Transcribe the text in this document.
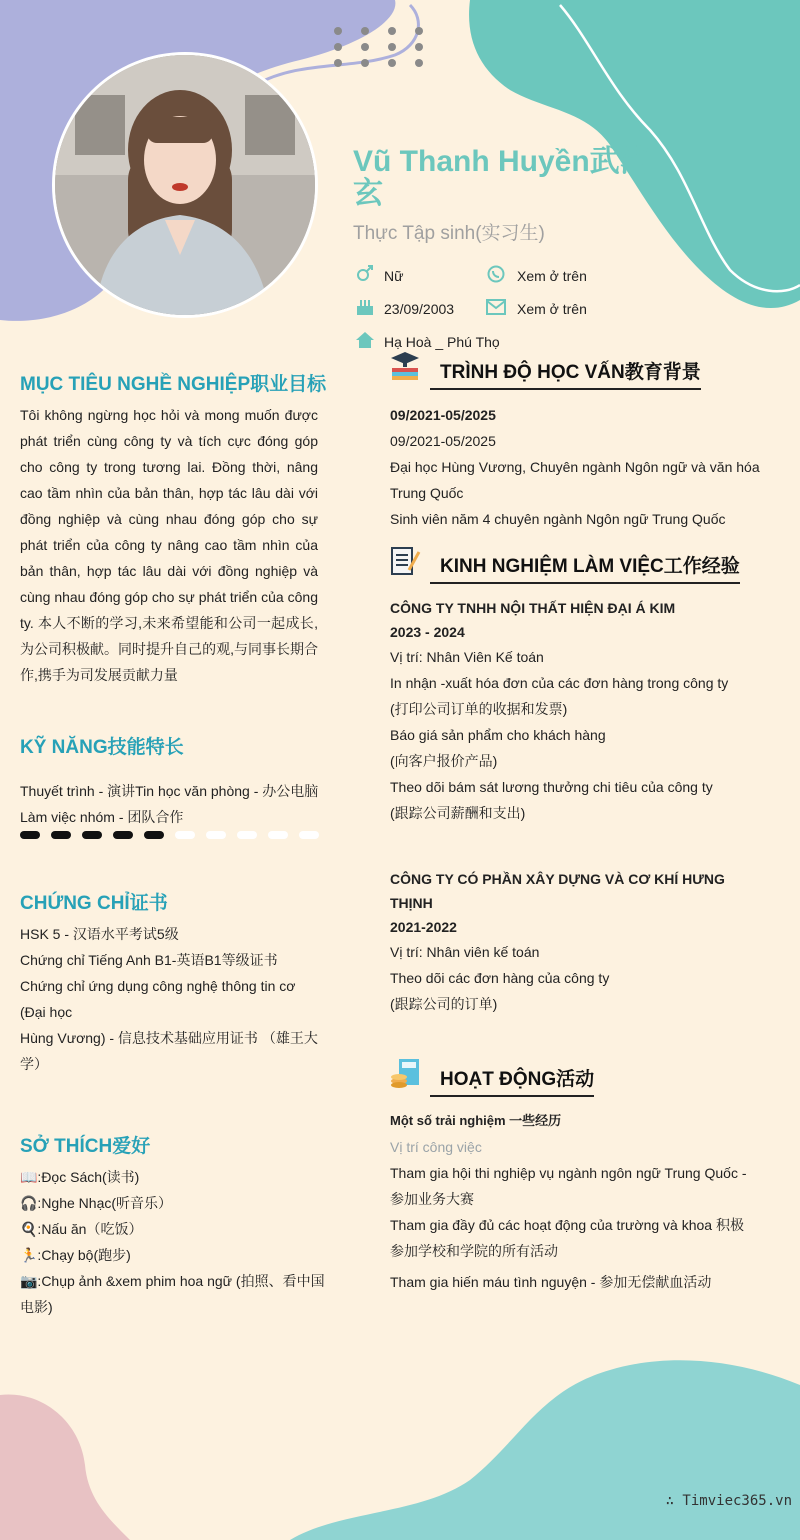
Vũ Thanh Huyền武清玄
Thực Tập sinh(实习生)
Nữ	Xem ở trên
23/09/2003	Xem ở trên
Hạ Hoà _ Phú Thọ
MỤC TIÊU NGHỀ NGHIỆP职业目标
Tôi không ngừng học hỏi và mong muốn được phát triển cùng công ty và tích cực đóng góp cho công ty trong tương lai. Đồng thời, nâng cao tầm nhìn của bản thân, hợp tác lâu dài với đồng nghiệp và cùng nhau đóng góp cho sự phát triển của công ty nâng cao tầm nhìn của bản thân, hợp tác lâu dài với đồng nghiệp và cùng nhau đóng góp cho sự phát triển của công ty. 本人不断的学习,未来希望能和公司一起成长,为公司积极献。同时提升自己的观,与同事长期合作,携手为司发展贡献力量
KỸ NĂNG技能特长
Thuyết trình - 演讲Tin học văn phòng - 办公电脑Làm việc nhóm - 团队合作
CHỨNG CHỈ证书
HSK 5 - 汉语水平考试5级
Chứng chỉ Tiếng Anh B1-英语B1等级证书
Chứng chỉ ứng dụng công nghệ thông tin cơ (Đại học
Hùng Vương) - 信息技术基础应用证书 （雄王大学）
SỞ THÍCH爱好
📖:Đọc Sách(读书)
🎧:Nghe Nhạc(听音乐）
🍳:Nấu ăn（吃饭）
🏃:Chạy bộ(跑步)
📷:Chụp ảnh &xem phim hoa ngữ (拍照、看中国电影)
TRÌNH ĐỘ HỌC VẤN教育背景
09/2021-05/2025
09/2021-05/2025
Đại học Hùng Vương, Chuyên ngành Ngôn ngữ và văn hóa Trung Quốc
Sinh viên năm 4 chuyên ngành Ngôn ngữ Trung Quốc
KINH NGHIỆM LÀM VIỆC工作经验
CÔNG TY TNHH NỘI THẤT HIỆN ĐẠI Á KIM
2023 - 2024
Vị trí: Nhân Viên Kế toán
In nhận -xuất hóa đơn của các đơn hàng trong công ty
(打印公司订单的收据和发票)
Báo giá sản phẩm cho khách hàng
(向客户报价产品)
Theo dõi bám sát lương thưởng chi tiêu của công ty
(跟踪公司薪酬和支出)
CÔNG TY CÓ PHẦN XÂY DỰNG VÀ CƠ KHÍ HƯNG THỊNH
2021-2022
Vị trí: Nhân viên kế toán
Theo dõi các đơn hàng của công ty
(跟踪公司的订单)
HOẠT ĐỘNG活动
Một số trải nghiệm 一些经历
Vị trí công việc
Tham gia hội thi nghiệp vụ ngành ngôn ngữ Trung Quốc - 参加业务大赛
Tham gia đầy đủ các hoạt động của trường và khoa 积极参加学校和学院的所有活动
Tham gia hiến máu tình nguyện - 参加无偿献血活动
∴ Timviec365.vn
